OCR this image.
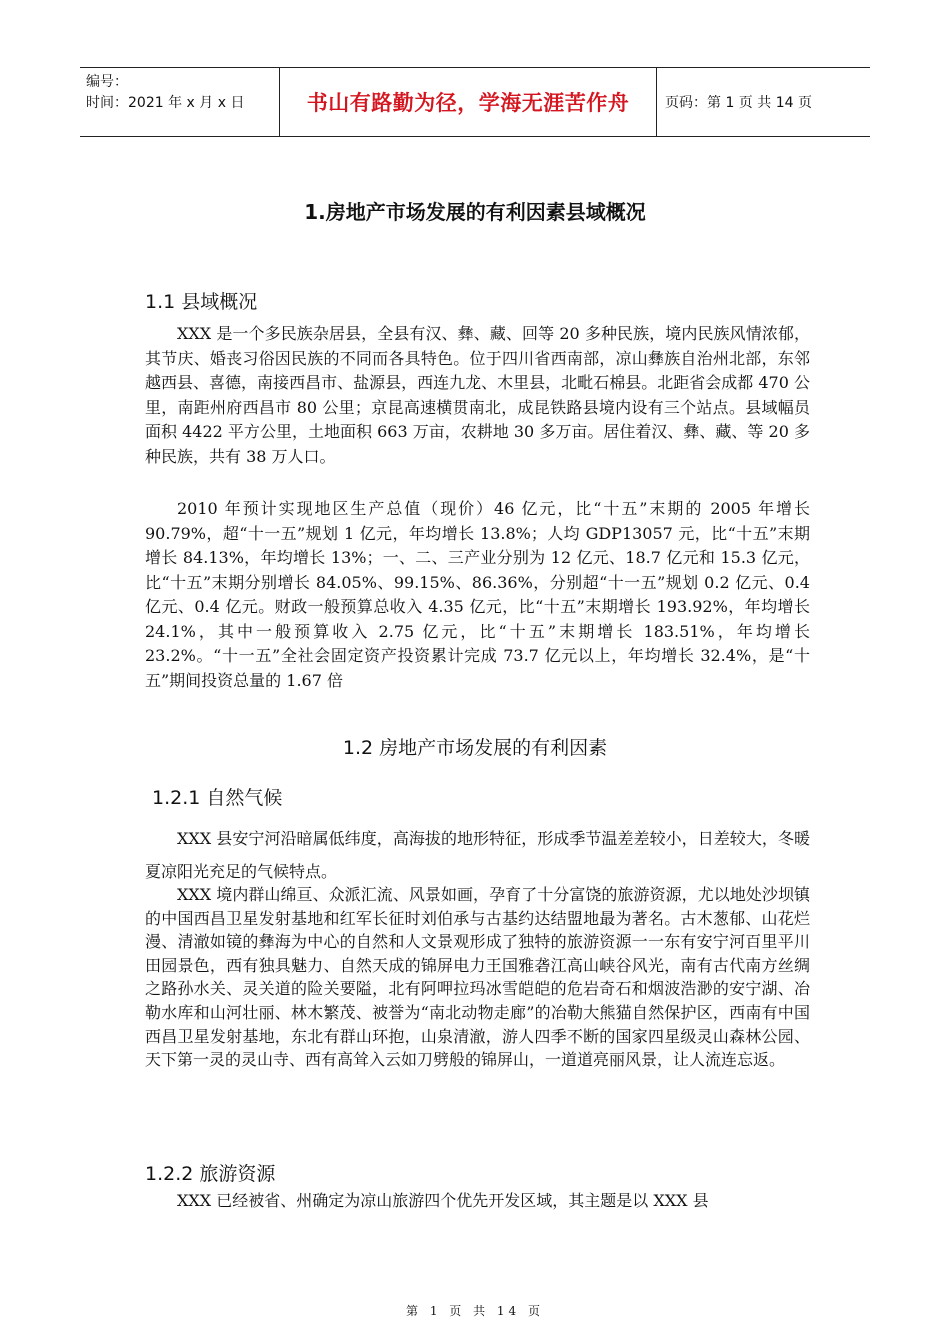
编号：
时间：2021 年 x 月 x 日	书山有路勤为径，学海无涯苦作舟	页码：第 1 页 共 14 页
1.房地产市场发展的有利因素县域概况
1.1 县域概况

XXX 是一个多民族杂居县，全县有汉、彝、藏、回等 20 多种民族，境内民族风情浓郁，其节庆、婚丧习俗因民族的不同而各具特色。位于四川省西南部，凉山彝族自治州北部，东邻越西县、喜德，南接西昌市、盐源县，西连九龙、木里县，北毗石棉县。北距省会成都 470 公里，南距州府西昌市 80 公里；京昆高速横贯南北，成昆铁路县境内设有三个站点。县域幅员面积 4422 平方公里，土地面积 663 万亩，农耕地 30 多万亩。居住着汉、彝、藏、等 20 多种民族，共有 38 万人口。

2010 年预计实现地区生产总值（现价）46 亿元，比“十五”末期的 2005 年增长 90.79%，超“十一五”规划 1 亿元，年均增长 13.8%；人均 GDP13057 元，比“十五”末期增长 84.13%，年均增长 13%；一、二、三产业分别为 12 亿元、18.7 亿元和 15.3 亿元，比“十五”末期分别增长 84.05%、99.15%、86.36%，分别超“十一五”规划 0.2 亿元、0.4 亿元、0.4 亿元。财政一般预算总收入 4.35 亿元，比“十五”末期增长 193.92%，年均增长 24.1%，其中一般预算收入 2.75 亿元，比“十五”末期增长 183.51%，年均增长 23.2%。“十一五”全社会固定资产投资累计完成 73.7 亿元以上，年均增长 32.4%，是“十五”期间投资总量的 1.67 倍

1.2 房地产市场发展的有利因素
1.2.1 自然气候

XXX 县安宁河沿暗属低纬度，高海拔的地形特征，形成季节温差差较小，日差较大，冬暖夏凉阳光充足的气候特点。

XXX 境内群山绵亘、众派汇流、风景如画，孕育了十分富饶的旅游资源，尤以地处沙坝镇的中国西昌卫星发射基地和红军长征时刘伯承与古基约达结盟地最为著名。古木葱郁、山花烂漫、清澈如镜的彝海为中心的自然和人文景观形成了独特的旅游资源一一东有安宁河百里平川田园景色，西有独具魅力、自然天成的锦屏电力王国雅砻江高山峡谷风光，南有古代南方丝绸之路孙水关、灵关道的险关要隘，北有阿呷拉玛冰雪皑皑的危岩奇石和烟波浩渺的安宁湖、冶勒水库和山河壮丽、林木繁茂、被誉为“南北动物走廊”的冶勒大熊猫自然保护区，西南有中国西昌卫星发射基地，东北有群山环抱，山泉清澈，游人四季不断的国家四星级灵山森林公园、天下第一灵的灵山寺、西有高耸入云如刀劈般的锦屏山，一道道亮丽风景，让人流连忘返。

1.2.2 旅游资源

XXX 已经被省、州确定为凉山旅游四个优先开发区域，其主题是以 XXX 县

第 1 页 共 14 页
